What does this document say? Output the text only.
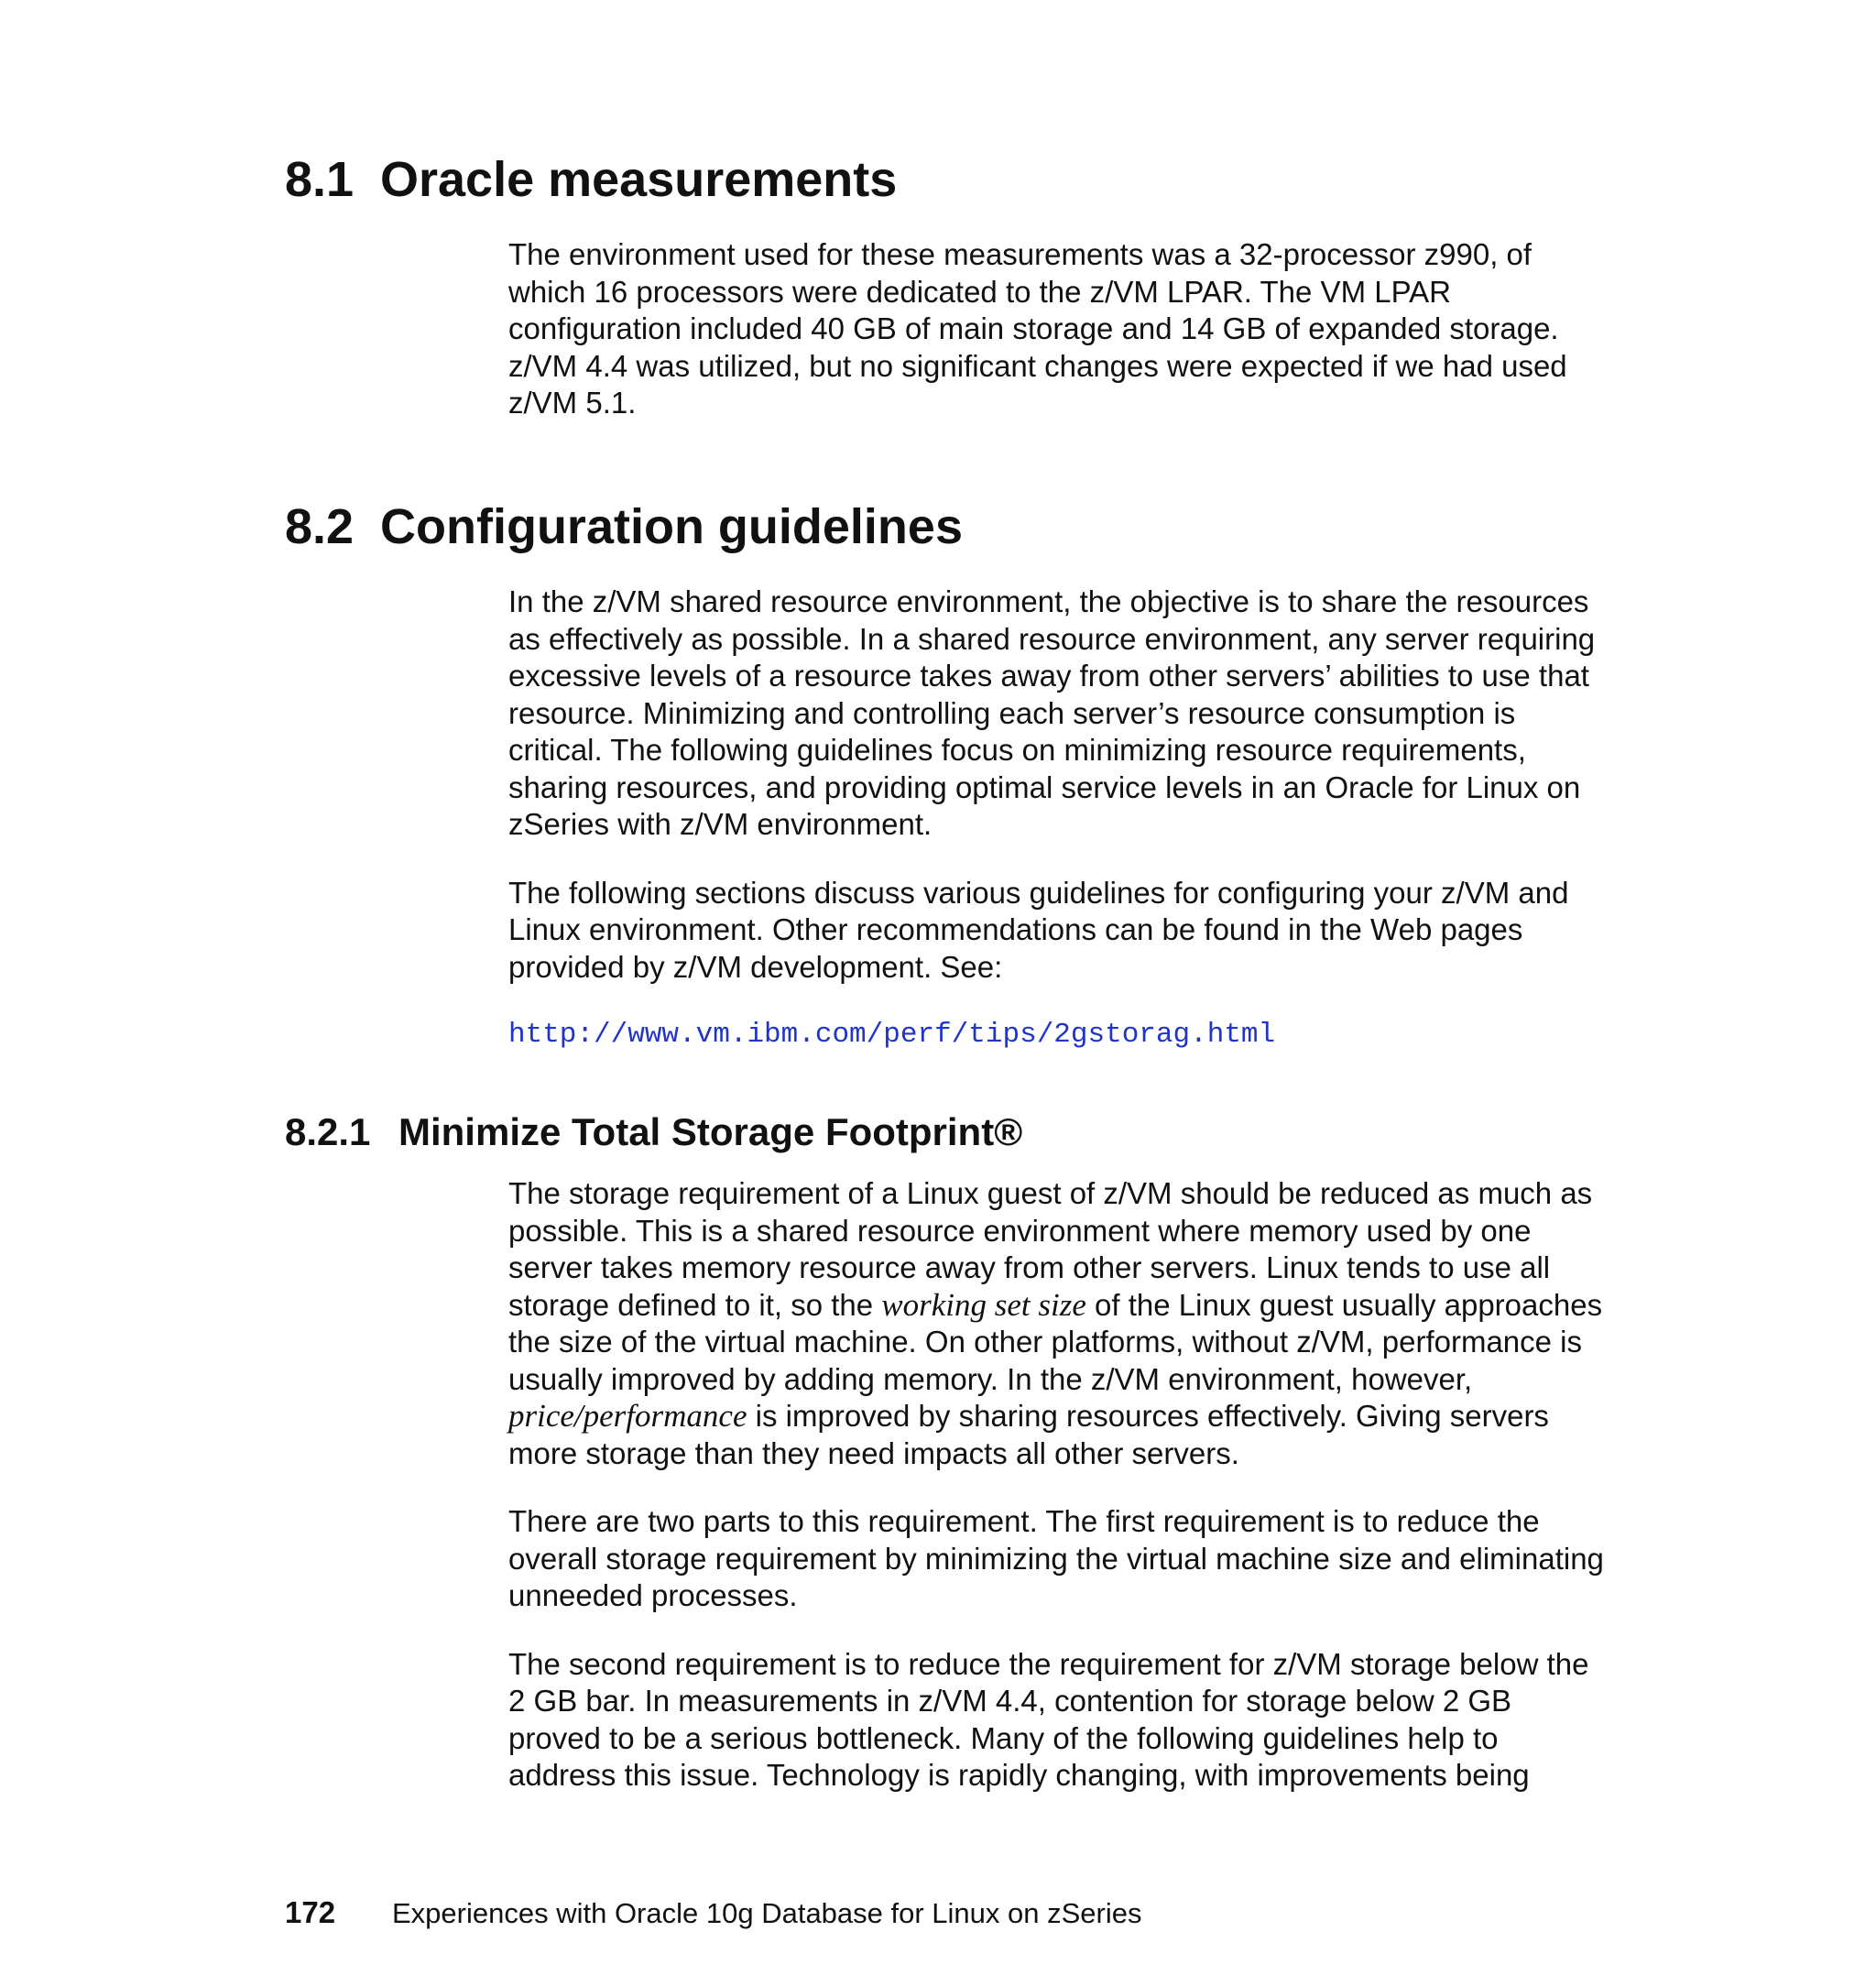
8.1 Oracle measurements

The environment used for these measurements was a 32-processor z990, of which 16 processors were dedicated to the z/VM LPAR. The VM LPAR configuration included 40 GB of main storage and 14 GB of expanded storage. z/VM 4.4 was utilized, but no significant changes were expected if we had used z/VM 5.1.

8.2 Configuration guidelines

In the z/VM shared resource environment, the objective is to share the resources as effectively as possible. In a shared resource environment, any server requiring excessive levels of a resource takes away from other servers’ abilities to use that resource. Minimizing and controlling each server’s resource consumption is critical. The following guidelines focus on minimizing resource requirements, sharing resources, and providing optimal service levels in an Oracle for Linux on zSeries with z/VM environment.

The following sections discuss various guidelines for configuring your z/VM and Linux environment. Other recommendations can be found in the Web pages provided by z/VM development. See:

http://www.vm.ibm.com/perf/tips/2gstorag.html
8.2.1 Minimize Total Storage Footprint®

The storage requirement of a Linux guest of z/VM should be reduced as much as possible. This is a shared resource environment where memory used by one server takes memory resource away from other servers. Linux tends to use all storage defined to it, so the working set size of the Linux guest usually approaches the size of the virtual machine. On other platforms, without z/VM, performance is usually improved by adding memory. In the z/VM environment, however, price/performance is improved by sharing resources effectively. Giving servers more storage than they need impacts all other servers.

There are two parts to this requirement. The first requirement is to reduce the overall storage requirement by minimizing the virtual machine size and eliminating unneeded processes.

The second requirement is to reduce the requirement for z/VM storage below the 2 GB bar. In measurements in z/VM 4.4, contention for storage below 2 GB proved to be a serious bottleneck. Many of the following guidelines help to address this issue. Technology is rapidly changing, with improvements being

172 Experiences with Oracle 10g Database for Linux on zSeries
